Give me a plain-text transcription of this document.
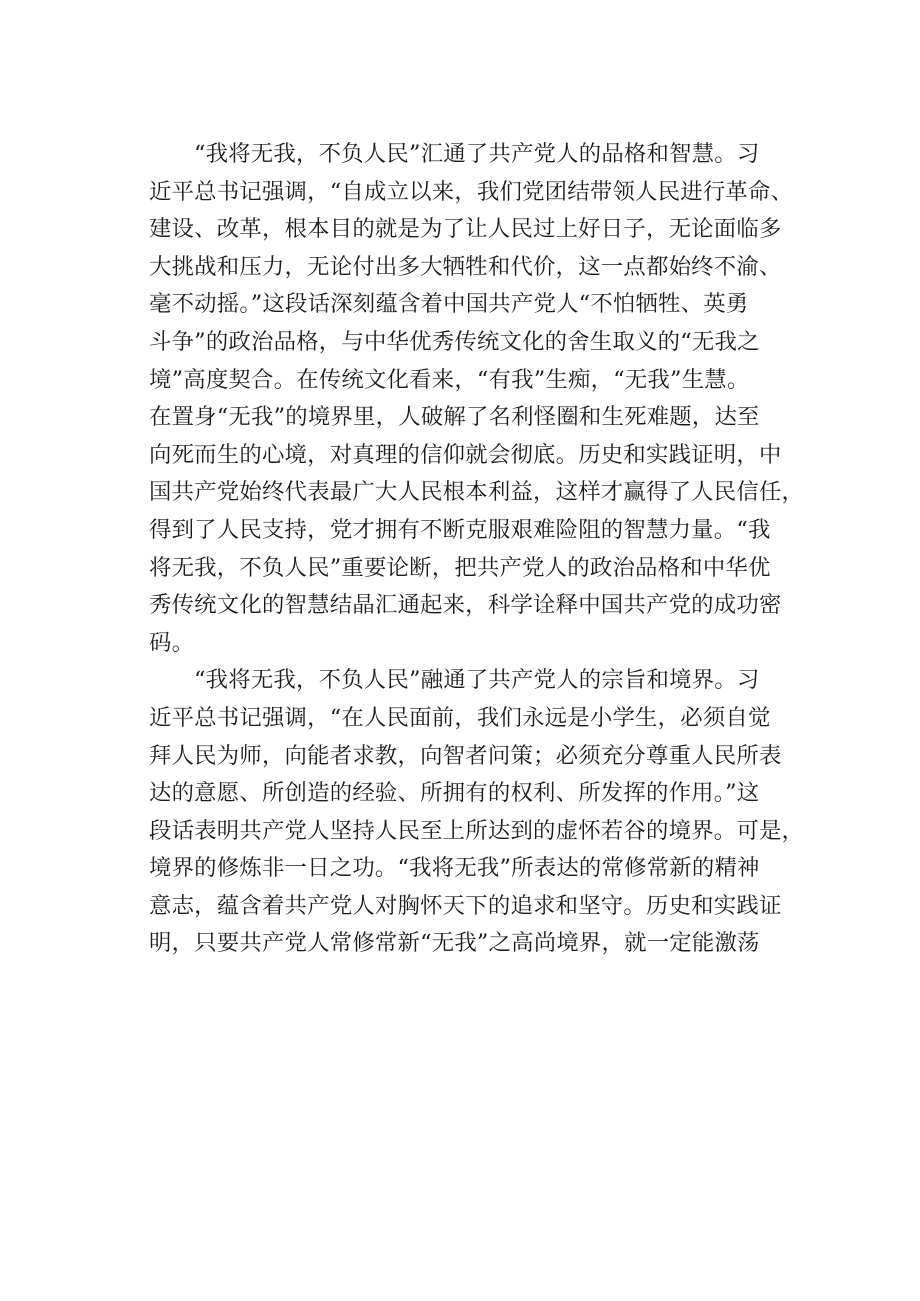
“我将无我，不负人民”汇通了共产党人的品格和智慧。习
近平总书记强调，“自成立以来，我们党团结带领人民进行革命、
建设、改革，根本目的就是为了让人民过上好日子，无论面临多
大挑战和压力，无论付出多大牺牲和代价，这一点都始终不渝、
毫不动摇。”这段话深刻蕴含着中国共产党人“不怕牺牲、英勇
斗争”的政治品格，与中华优秀传统文化的舍生取义的“无我之
境”高度契合。在传统文化看来，“有我”生痴，“无我”生慧。
在置身“无我”的境界里，人破解了名利怪圈和生死难题，达至
向死而生的心境，对真理的信仰就会彻底。历史和实践证明，中
国共产党始终代表最广大人民根本利益，这样才赢得了人民信任，
得到了人民支持，党才拥有不断克服艰难险阻的智慧力量。“我
将无我，不负人民”重要论断，把共产党人的政治品格和中华优
秀传统文化的智慧结晶汇通起来，科学诠释中国共产党的成功密
码。

“我将无我，不负人民”融通了共产党人的宗旨和境界。习
近平总书记强调，“在人民面前，我们永远是小学生，必须自觉
拜人民为师，向能者求教，向智者问策；必须充分尊重人民所表
达的意愿、所创造的经验、所拥有的权利、所发挥的作用。”这
段话表明共产党人坚持人民至上所达到的虚怀若谷的境界。可是，
境界的修炼非一日之功。“我将无我”所表达的常修常新的精神
意志，蕴含着共产党人对胸怀天下的追求和坚守。历史和实践证
明，只要共产党人常修常新“无我”之高尚境界，就一定能激荡
